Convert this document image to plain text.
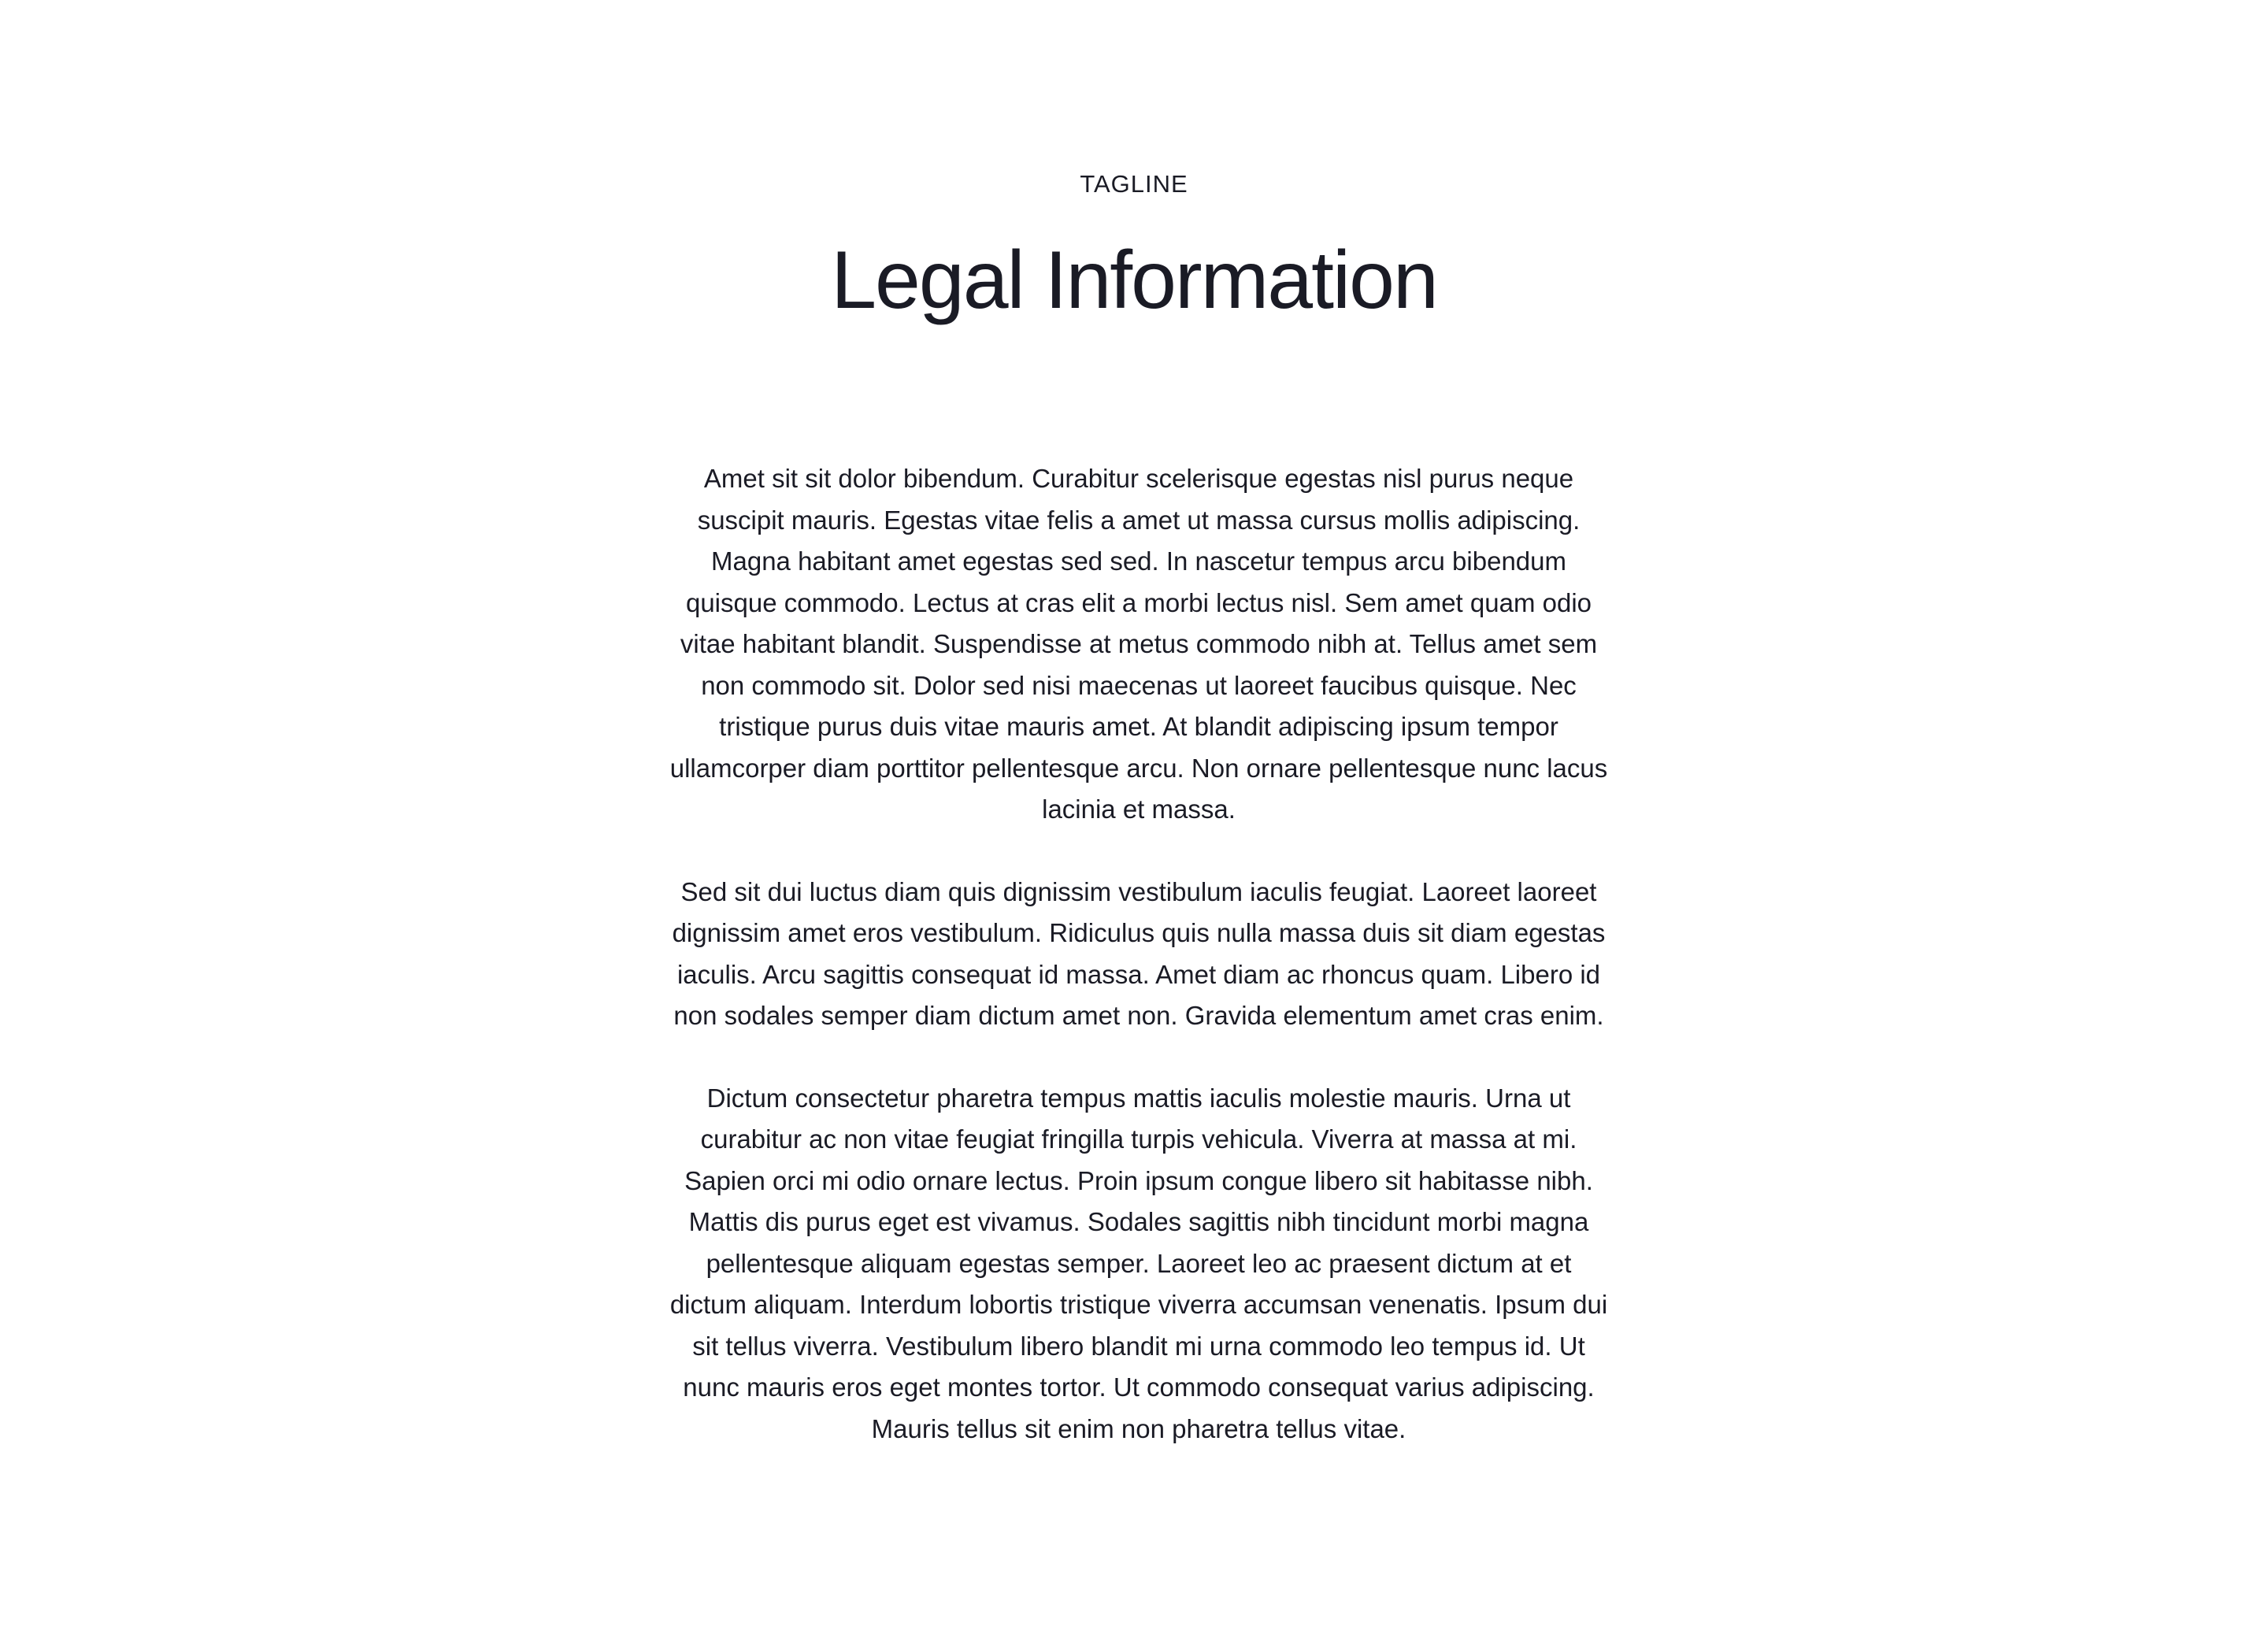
TAGLINE

Legal Information

Amet sit sit dolor bibendum. Curabitur scelerisque egestas nisl purus neque suscipit mauris. Egestas vitae felis a amet ut massa cursus mollis adipiscing. Magna habitant amet egestas sed sed. In nascetur tempus arcu bibendum quisque commodo. Lectus at cras elit a morbi lectus nisl. Sem amet quam odio vitae habitant blandit. Suspendisse at metus commodo nibh at. Tellus amet sem non commodo sit. Dolor sed nisi maecenas ut laoreet faucibus quisque. Nec tristique purus duis vitae mauris amet. At blandit adipiscing ipsum tempor ullamcorper diam porttitor pellentesque arcu. Non ornare pellentesque nunc lacus lacinia et massa.

Sed sit dui luctus diam quis dignissim vestibulum iaculis feugiat. Laoreet laoreet dignissim amet eros vestibulum. Ridiculus quis nulla massa duis sit diam egestas iaculis. Arcu sagittis consequat id massa. Amet diam ac rhoncus quam. Libero id non sodales semper diam dictum amet non. Gravida elementum amet cras enim.

Dictum consectetur pharetra tempus mattis iaculis molestie mauris. Urna ut curabitur ac non vitae feugiat fringilla turpis vehicula. Viverra at massa at mi. Sapien orci mi odio ornare lectus. Proin ipsum congue libero sit habitasse nibh. Mattis dis purus eget est vivamus. Sodales sagittis nibh tincidunt morbi magna pellentesque aliquam egestas semper. Laoreet leo ac praesent dictum at et dictum aliquam. Interdum lobortis tristique viverra accumsan venenatis. Ipsum dui sit tellus viverra. Vestibulum libero blandit mi urna commodo leo tempus id. Ut nunc mauris eros eget montes tortor. Ut commodo consequat varius adipiscing. Mauris tellus sit enim non pharetra tellus vitae.
